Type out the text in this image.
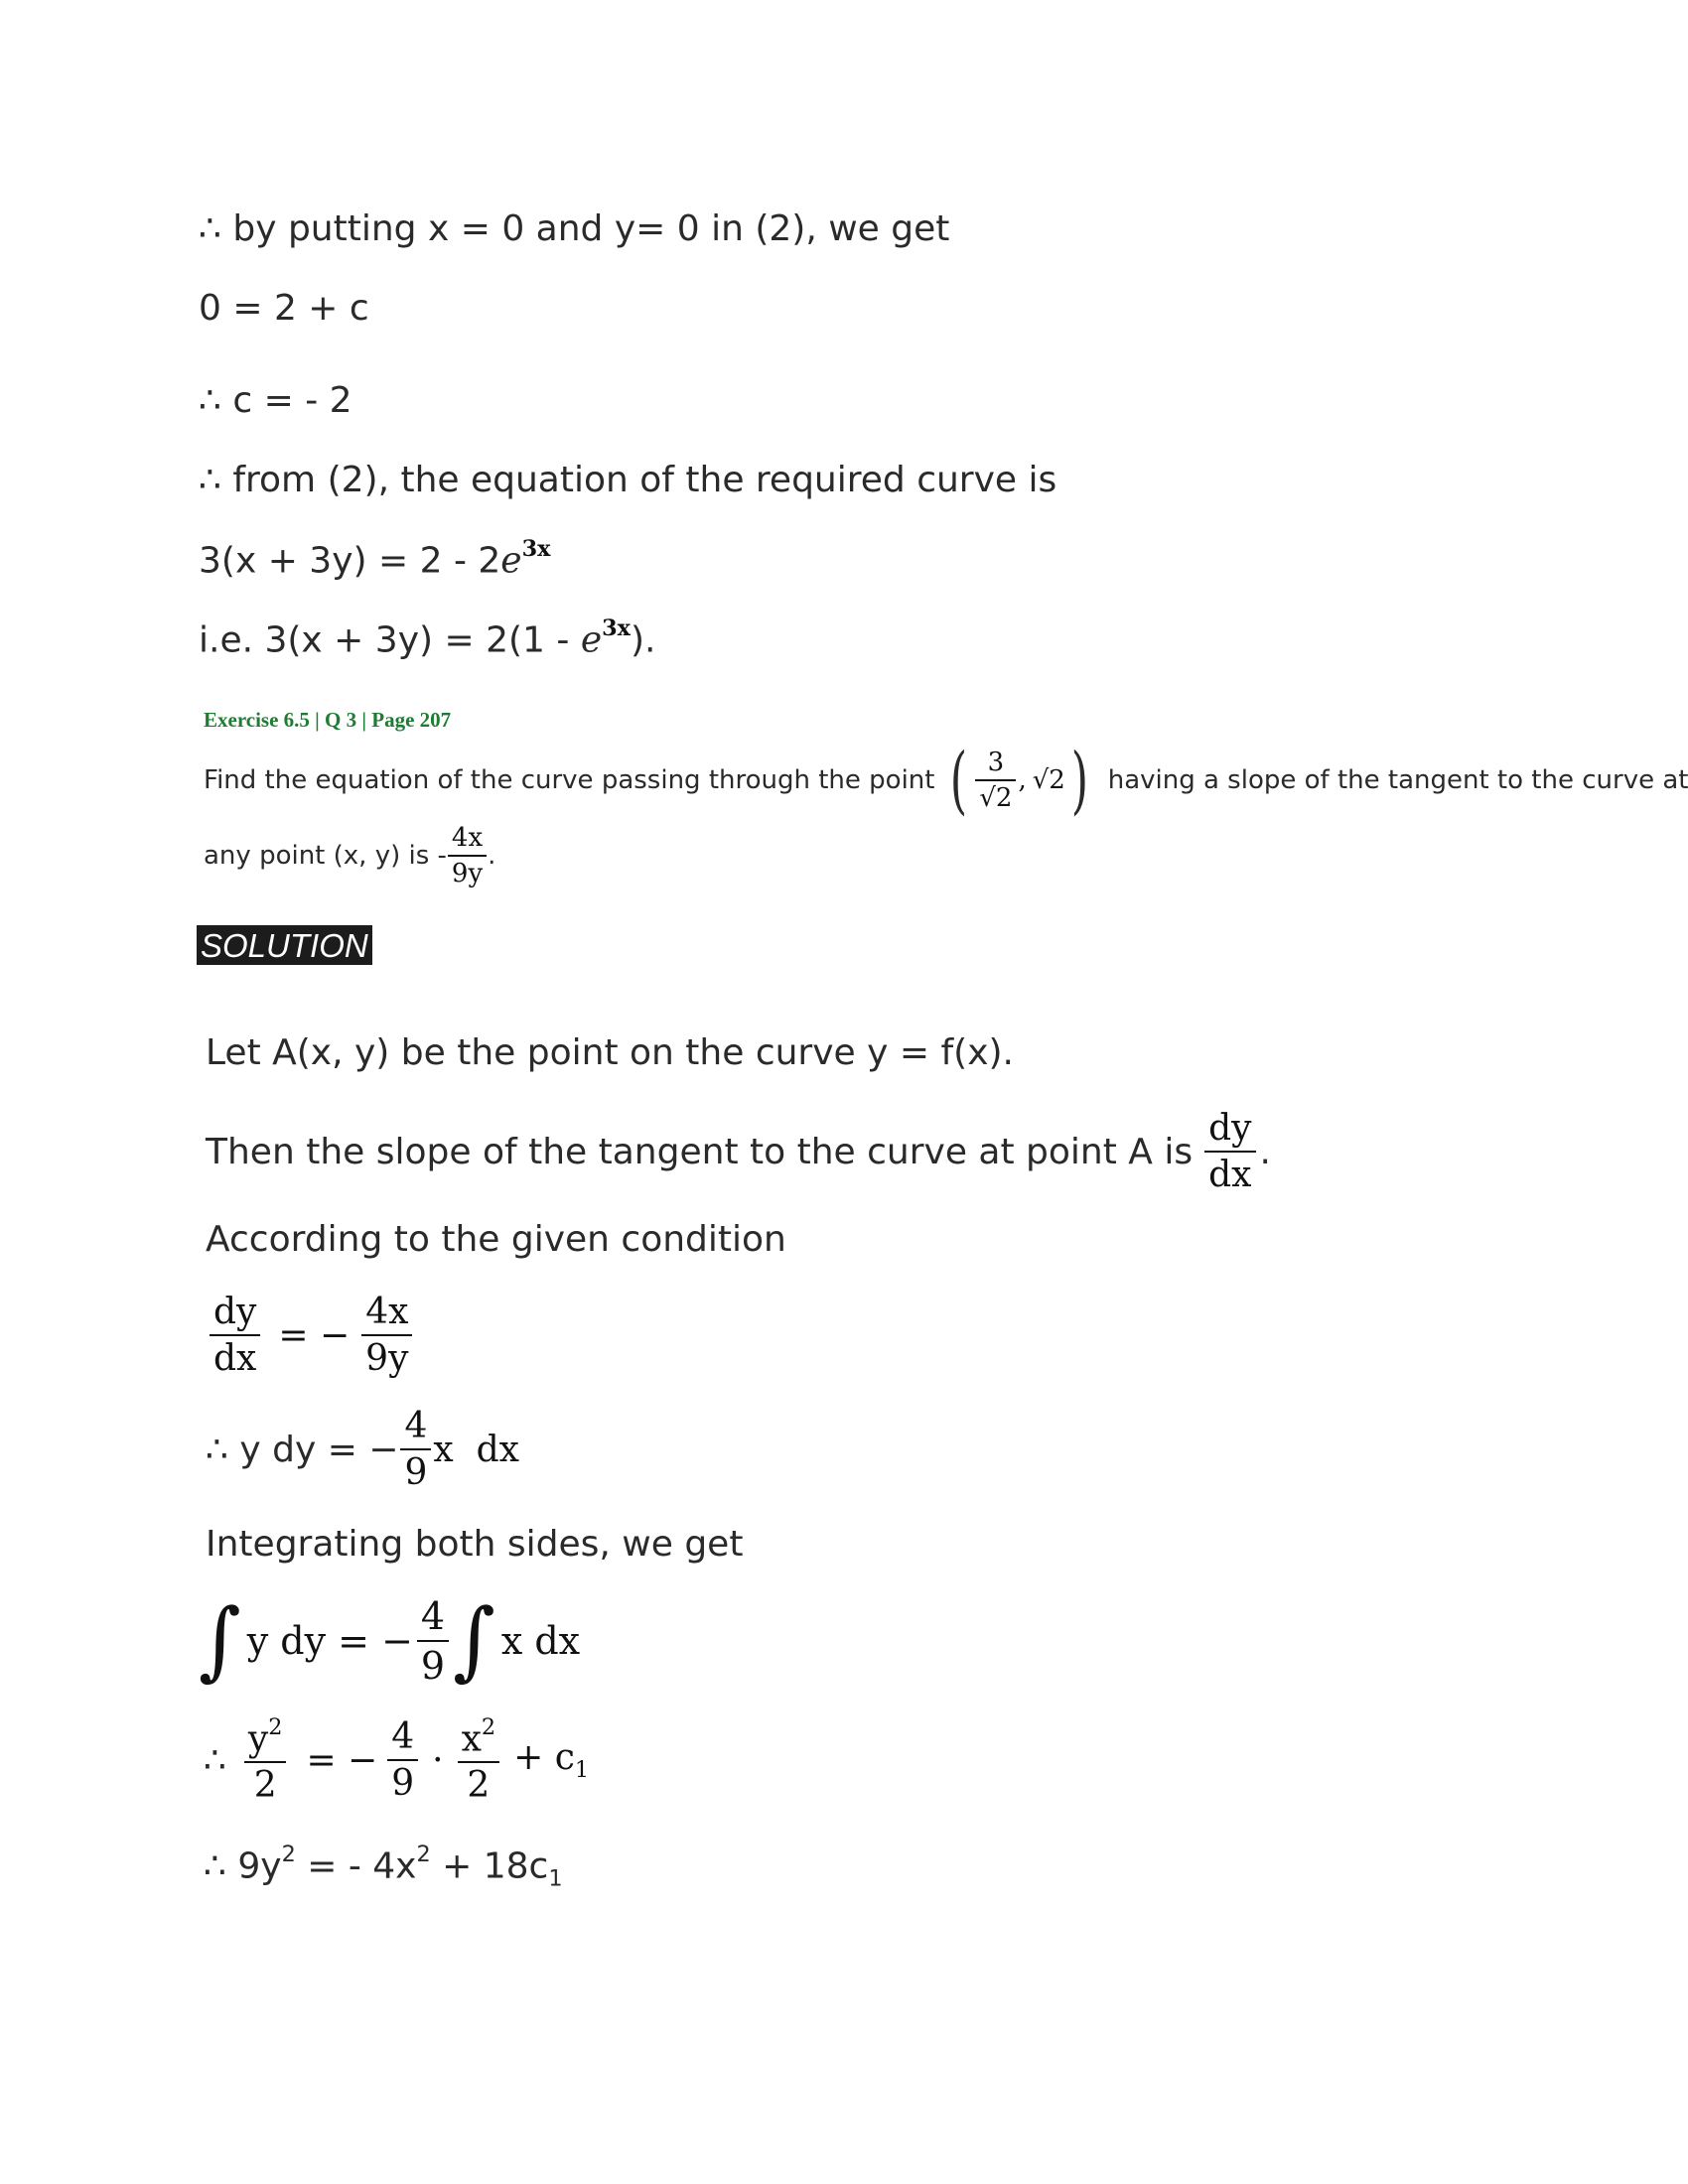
∴ by putting x = 0 and y= 0 in (2), we get
0 = 2 + c
∴ c = - 2
∴ from (2), the equation of the required curve is
$3(x + 3y) = 2 - 2e^{3x}$
i.e. $3(x + 3y) = 2(1 - e^{3x})$.
Exercise 6.5 | Q 3 | Page 207
Find the equation of the curve passing through the point ( $\frac{3}{√2}$ , √2 ) having a slope of the tangent to the curve at
any point (x, y) is - $\frac{4x}{9y}$ .
SOLUTION
Let A(x, y) be the point on the curve y = f(x).
Then the slope of the tangent to the curve at point A is $\frac{dy}{dx}$ .
According to the given condition
$\frac{dy}{dx}$ = − $\frac{4x}{9y}$
∴ y dy = − $\frac{4}{9}$ x  dx
Integrating both sides, we get
∫ y dy = − $\frac{4}{9}$ ∫ x dx
∴ $\frac{y^2}{2}$ = − $\frac{4}{9} \cdot \frac{x^2}{2} + c_1$
∴ $9y^2$ = - $4x^2 + 18c_1$
